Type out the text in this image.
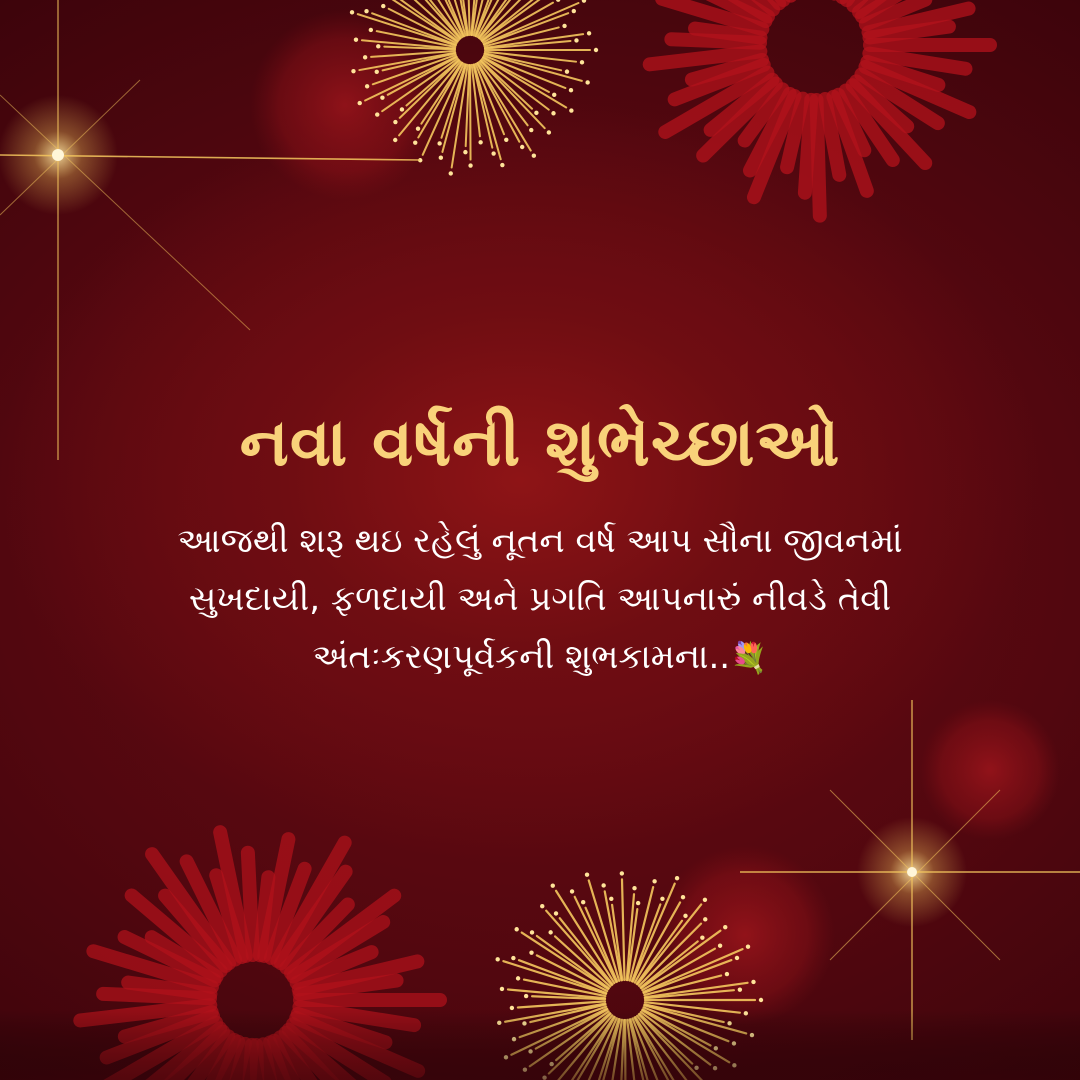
નવા વર્ષની શુભેચ્છાઓ
આજથી શરૂ થઇ રહેલું નૂતન વર્ષ આપ સૌના જીવનમાં
સુખદાયી, ફળદાયી અને પ્રગતિ આપનારું નીવડે તેવી
અંતઃકરણપૂર્વકની શુભકામના..💐
